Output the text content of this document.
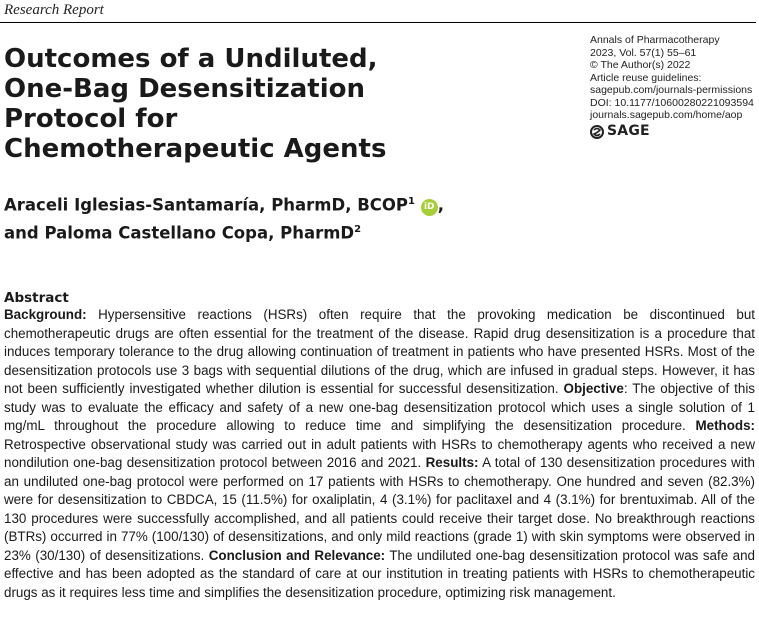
Research Report
Outcomes of a Undiluted, One-Bag Desensitization Protocol for Chemotherapeutic Agents
Annals of Pharmacotherapy
2023, Vol. 57(1) 55–61
© The Author(s) 2022
Article reuse guidelines:
sagepub.com/journals-permissions
DOI: 10.1177/10600280221093594
journals.sagepub.com/home/aop
SAGE
Araceli Iglesias-Santamaría, PharmD, BCOP$^1$ iD ,
and Paloma Castellano Copa, PharmD$^2$
Abstract
Background: Hypersensitive reactions (HSRs) often require that the provoking medication be discontinued but chemotherapeutic drugs are often essential for the treatment of the disease. Rapid drug desensitization is a procedure that induces temporary tolerance to the drug allowing continuation of treatment in patients who have presented HSRs. Most of the desensitization protocols use 3 bags with sequential dilutions of the drug, which are infused in gradual steps. However, it has not been sufficiently investigated whether dilution is essential for successful desensitization. Objective: The objective of this study was to evaluate the efficacy and safety of a new one-bag desensitization protocol which uses a single solution of 1 mg/mL throughout the procedure allowing to reduce time and simplifying the desensitization procedure. Methods: Retrospective observational study was carried out in adult patients with HSRs to chemotherapy agents who received a new nondilution one-bag desensitization protocol between 2016 and 2021. Results: A total of 130 desensitization procedures with an undiluted one-bag protocol were performed on 17 patients with HSRs to chemotherapy. One hundred and seven (82.3%) were for desensitization to CBDCA, 15 (11.5%) for oxaliplatin, 4 (3.1%) for paclitaxel and 4 (3.1%) for brentuximab. All of the 130 procedures were successfully accomplished, and all patients could receive their target dose. No breakthrough reactions (BTRs) occurred in 77% (100/130) of desensitizations, and only mild reactions (grade 1) with skin symptoms were observed in 23% (30/130) of desensitizations. Conclusion and Relevance: The undiluted one-bag desensitization protocol was safe and effective and has been adopted as the standard of care at our institution in treating patients with HSRs to chemotherapeutic drugs as it requires less time and simplifies the desensitization procedure, optimizing risk management.
